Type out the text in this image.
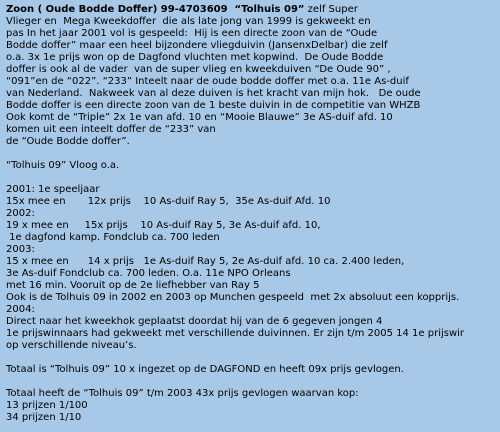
Zoon ( Oude Bodde Doffer) 99-4703609  “Tolhuis 09” zelf Super
Vlieger en  Mega Kweekdoffer  die als late jong van 1999 is gekweekt en
pas In het jaar 2001 vol is gespeeld:  Hij is een directe zoon van de “Oude
Bodde doffer” maar een heel bijzondere vliegduivin (JansenxDelbar) die zelf
o.a. 3x 1e prijs won op de Dagfond vluchten met kopwind.  De Oude Bodde
doffer is ook al de vader  van de super vlieg en kweekduiven “De Oude 90” ,
“091”en de “022”. “233” Inteelt naar de oude bodde doffer met o.a. 11e As-duif
van Nederland.  Nakweek van al deze duiven is het kracht van mijn hok.   De oude
Bodde doffer is een directe zoon van de 1 beste duivin in de competitie van WHZB
Ook komt de “Triple” 2x 1e van afd. 10 en “Mooie Blauwe” 3e AS-duif afd. 10
komen uit een inteelt doffer de “233” van
de “Oude Bodde doffer”.
“Tolhuis 09” Vloog o.a.
2001: 1e speeljaar
15x mee en       12x prijs    10 As-duif Ray 5,  35e As-duif Afd. 10
2002:
19 x mee en     15x prijs    10 As-duif Ray 5, 3e As-duif afd. 10,
1e dagfond kamp. Fondclub ca. 700 leden
2003:
15 x mee en      14 x prijs   1e As-duif Ray 5, 2e As-duif afd. 10 ca. 2.400 leden,
3e As-duif Fondclub ca. 700 leden. O.a. 11e NPO Orleans
met 16 min. Vooruit op de 2e liefhebber van Ray 5
Ook is de Tolhuis 09 in 2002 en 2003 op Munchen gespeeld  met 2x absoluut een kopprijs.
2004:
Direct naar het kweekhok geplaatst doordat hij van de 6 gegeven jongen 4
1e prijswinnaars had gekweekt met verschillende duivinnen. Er zijn t/m 2005 14 1e prijswir
op verschillende niveau’s.
Totaal is “Tolhuis 09” 10 x ingezet op de DAGFOND en heeft 09x prijs gevlogen.
Totaal heeft de “Tolhuis 09” t/m 2003 43x prijs gevlogen waarvan kop:
13 prijzen 1/100
34 prijzen 1/10
